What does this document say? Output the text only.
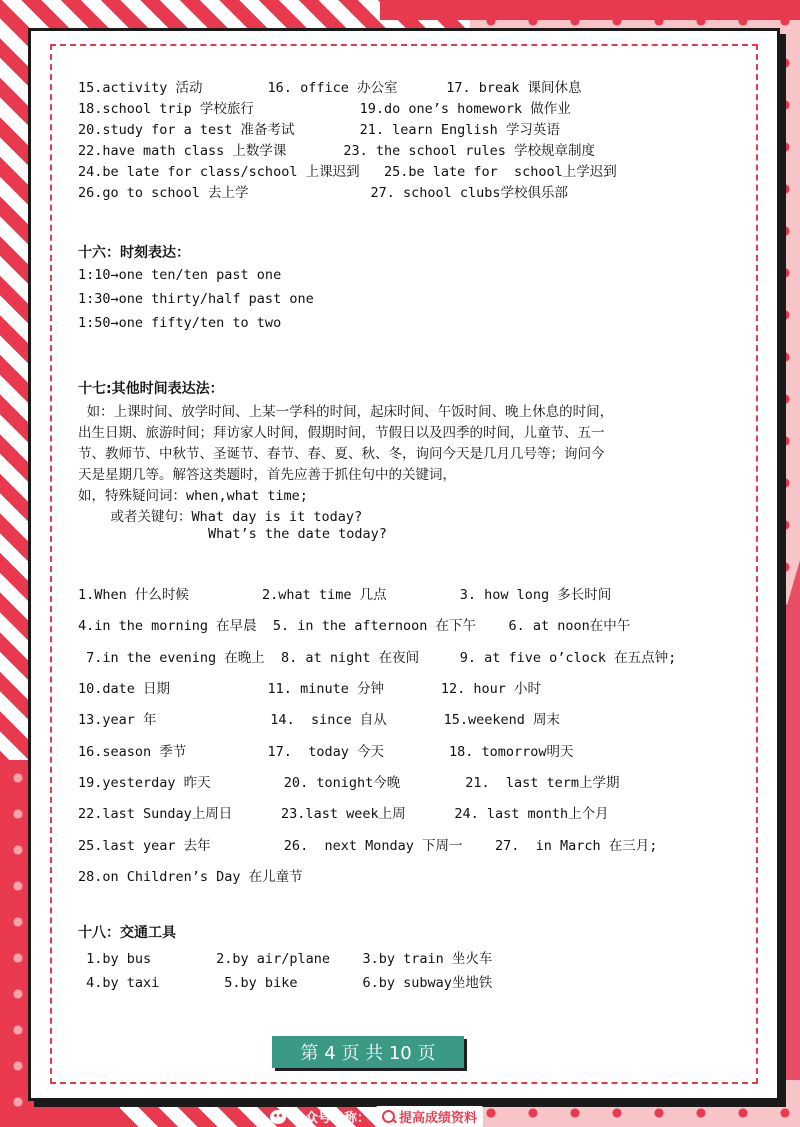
15.activity 活动        16. office 办公室      17. break 课间休息
18.school trip 学校旅行             19.do one’s homework 做作业
20.study for a test 准备考试        21. learn English 学习英语
22.have math class 上数学课       23. the school rules 学校规章制度
24.be late for class/school 上课迟到   25.be late for  school上学迟到
26.go to school 去上学               27. school clubs学校俱乐部
十六：时刻表达：
1:10→one ten/ten past one
1:30→one thirty/half past one
1:50→one fifty/ten to two
十七:其他时间表达法：
如：上课时间、放学时间、上某一学科的时间，起床时间、午饭时间、晚上休息的时间，
出生日期、旅游时间；拜访家人时间，假期时间，节假日以及四季的时间，儿童节、五一
节、教师节、中秋节、圣诞节、春节、春、夏、秋、冬，询问今天是几月几号等；询问今
天是星期几等。解答这类题时，首先应善于抓住句中的关键词，
如，特殊疑问词：when,what time;
或者关键句：What day is it today?
What’s the date today?
1.When 什么时候         2.what time 几点         3. how long 多长时间
4.in the morning 在早晨  5. in the afternoon 在下午    6. at noon在中午
7.in the evening 在晚上  8. at night 在夜间     9. at five o’clock 在五点钟;
10.date 日期            11. minute 分钟       12. hour 小时
13.year 年              14.  since 自从       15.weekend 周末
16.season 季节          17.  today 今天        18. tomorrow明天
19.yesterday 昨天         20. tonight今晚        21.  last term上学期
22.last Sunday上周日      23.last week上周      24. last month上个月
25.last year 去年         26.  next Monday 下周一    27.  in March 在三月;
28.on Children’s Day 在儿童节
十八：交通工具
1.by bus        2.by air/plane    3.by train 坐火车
4.by taxi        5.by bike        6.by subway坐地铁
第 4 页 共 10 页
公众号名称： 提高成绩资料
